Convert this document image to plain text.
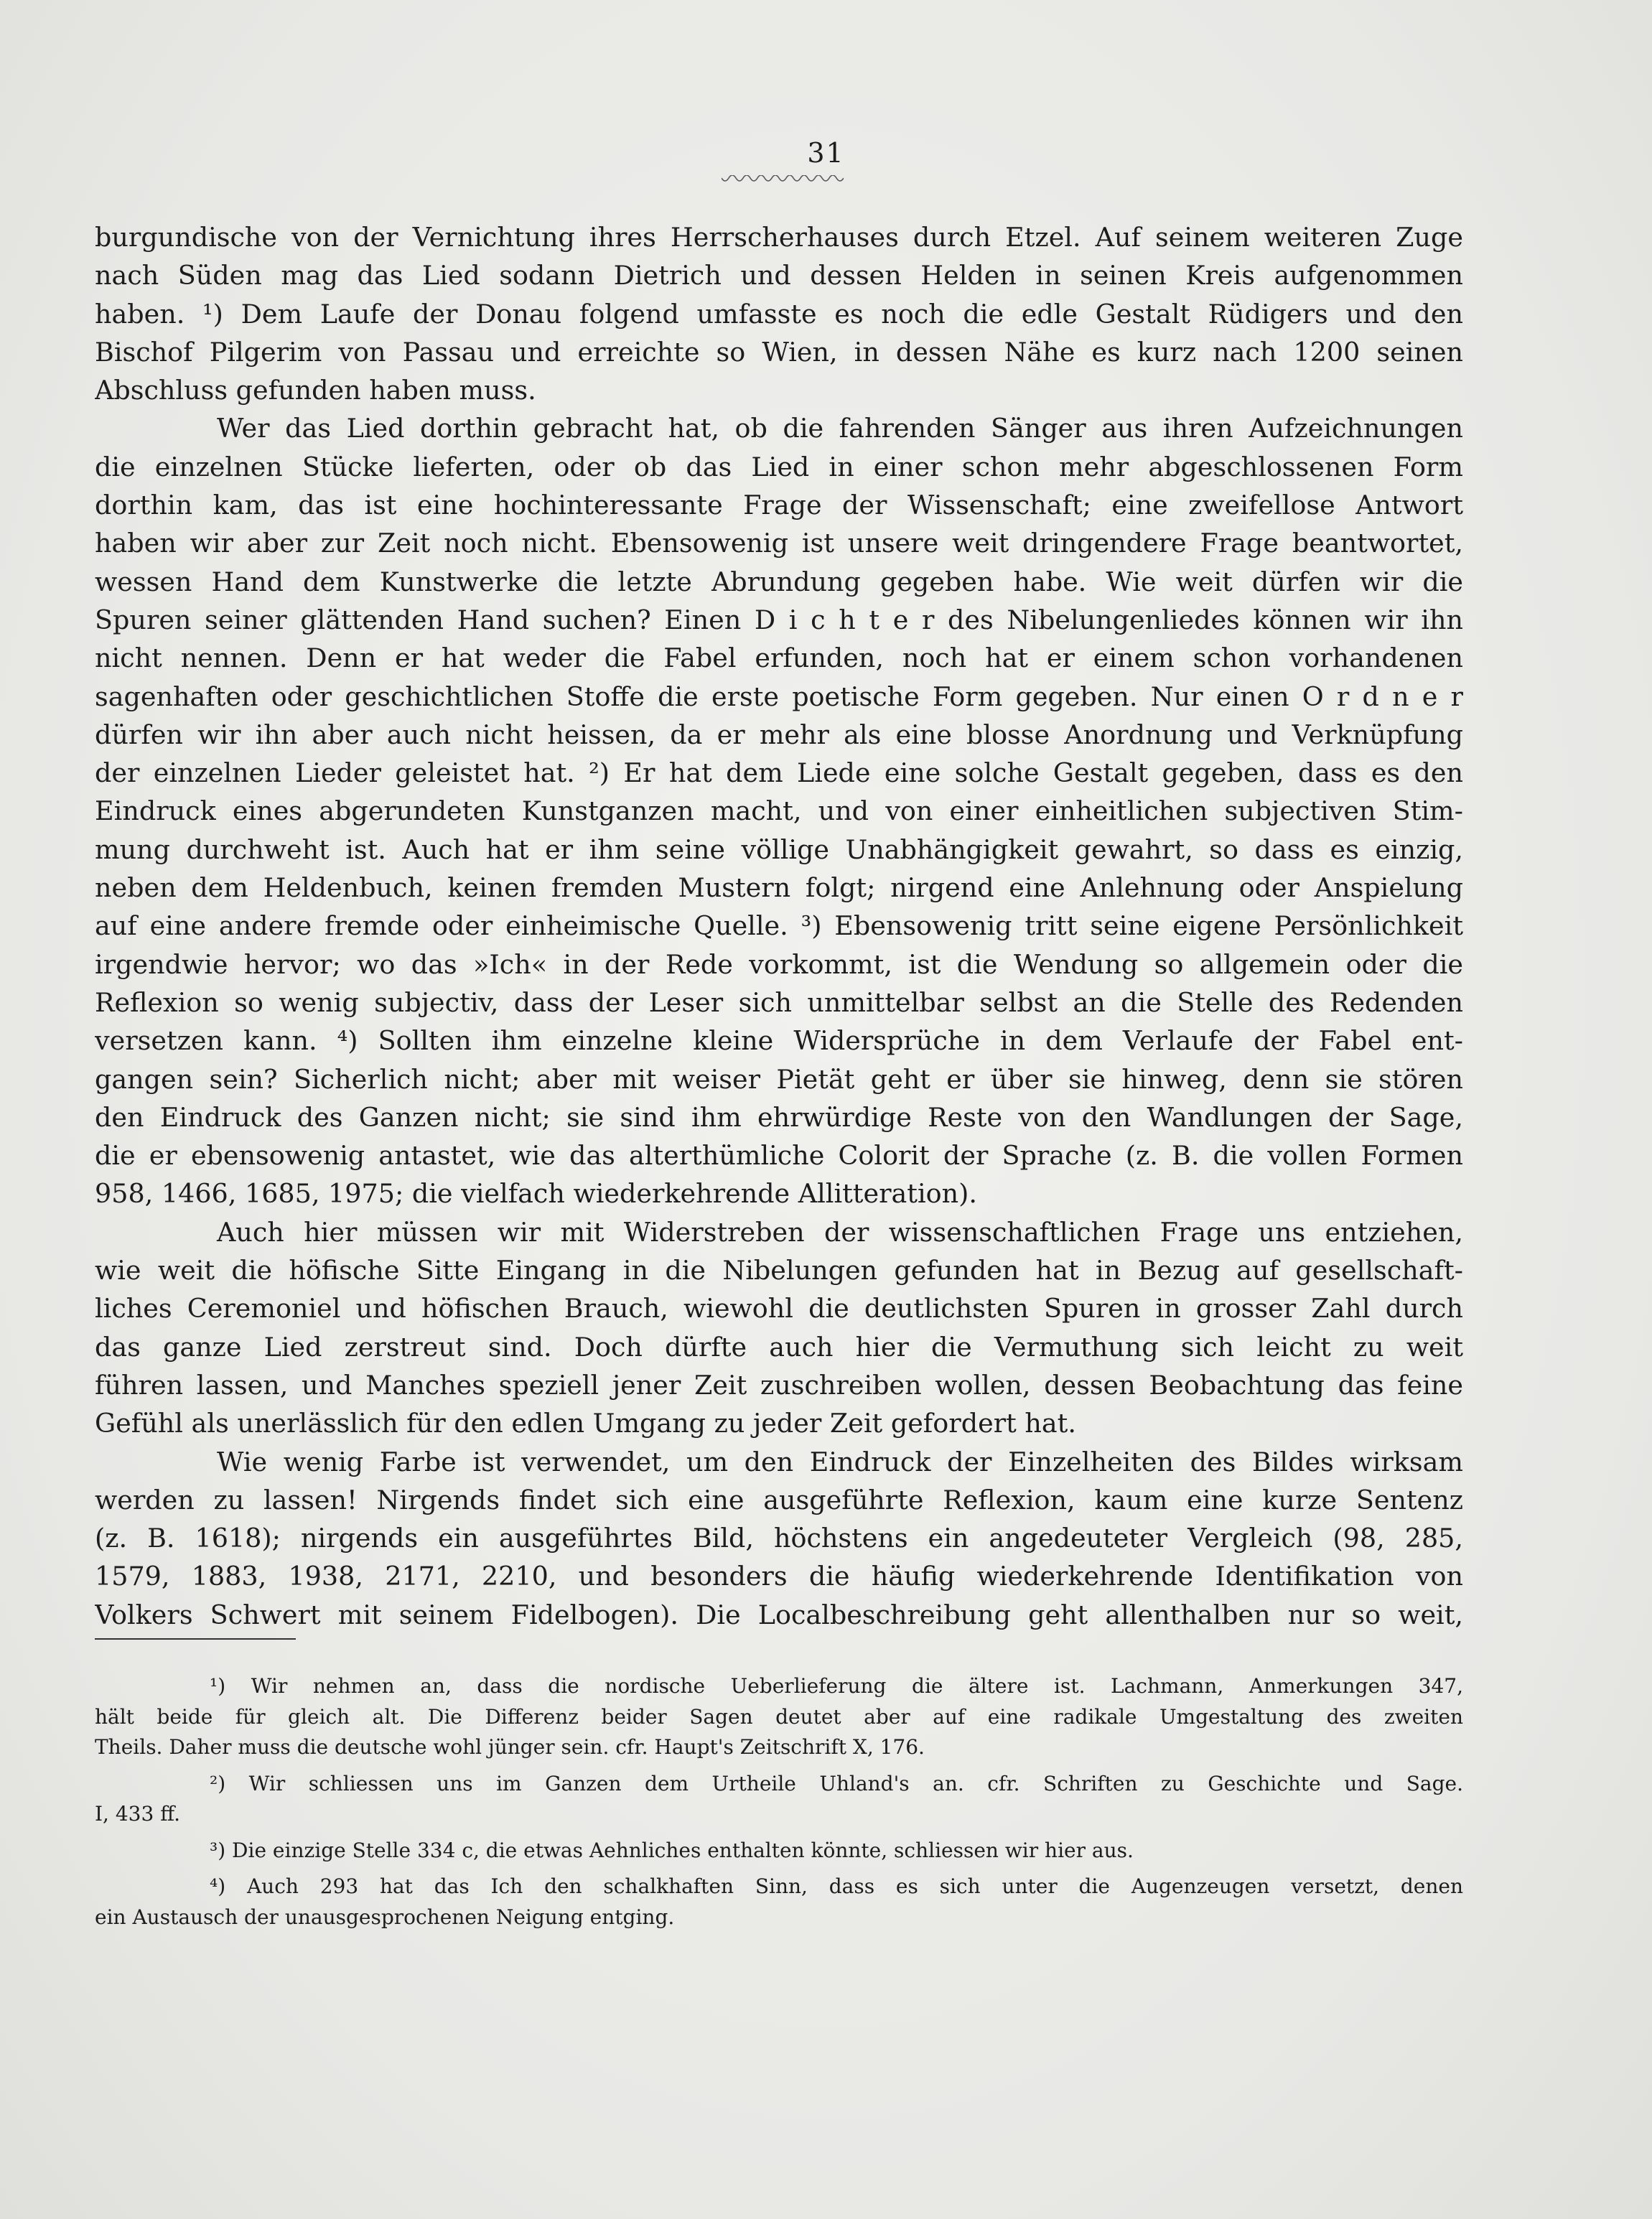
31
burgundische von der Vernichtung ihres Herrscherhauses durch Etzel. Auf seinem weiteren Zuge
nach Süden mag das Lied sodann Dietrich und dessen Helden in seinen Kreis aufgenommen
haben. ¹) Dem Laufe der Donau folgend umfasste es noch die edle Gestalt Rüdigers und den
Bischof Pilgerim von Passau und erreichte so Wien, in dessen Nähe es kurz nach 1200 seinen
Abschluss gefunden haben muss.
Wer das Lied dorthin gebracht hat, ob die fahrenden Sänger aus ihren Aufzeichnungen
die einzelnen Stücke lieferten, oder ob das Lied in einer schon mehr abgeschlossenen Form
dorthin kam, das ist eine hochinteressante Frage der Wissenschaft; eine zweifellose Antwort
haben wir aber zur Zeit noch nicht. Ebensowenig ist unsere weit dringendere Frage beantwortet,
wessen Hand dem Kunstwerke die letzte Abrundung gegeben habe. Wie weit dürfen wir die
Spuren seiner glättenden Hand suchen? Einen D i c h t e r des Nibelungenliedes können wir ihn
nicht nennen. Denn er hat weder die Fabel erfunden, noch hat er einem schon vorhandenen
sagenhaften oder geschichtlichen Stoffe die erste poetische Form gegeben. Nur einen O r d n e r
dürfen wir ihn aber auch nicht heissen, da er mehr als eine blosse Anordnung und Verknüpfung
der einzelnen Lieder geleistet hat. ²) Er hat dem Liede eine solche Gestalt gegeben, dass es den
Eindruck eines abgerundeten Kunstganzen macht, und von einer einheitlichen subjectiven Stim-
mung durchweht ist. Auch hat er ihm seine völlige Unabhängigkeit gewahrt, so dass es einzig,
neben dem Heldenbuch, keinen fremden Mustern folgt; nirgend eine Anlehnung oder Anspielung
auf eine andere fremde oder einheimische Quelle. ³) Ebensowenig tritt seine eigene Persönlichkeit
irgendwie hervor; wo das »Ich« in der Rede vorkommt, ist die Wendung so allgemein oder die
Reflexion so wenig subjectiv, dass der Leser sich unmittelbar selbst an die Stelle des Redenden
versetzen kann. ⁴) Sollten ihm einzelne kleine Widersprüche in dem Verlaufe der Fabel ent-
gangen sein? Sicherlich nicht; aber mit weiser Pietät geht er über sie hinweg, denn sie stören
den Eindruck des Ganzen nicht; sie sind ihm ehrwürdige Reste von den Wandlungen der Sage,
die er ebensowenig antastet, wie das alterthümliche Colorit der Sprache (z. B. die vollen Formen
958, 1466, 1685, 1975; die vielfach wiederkehrende Allitteration).
Auch hier müssen wir mit Widerstreben der wissenschaftlichen Frage uns entziehen,
wie weit die höfische Sitte Eingang in die Nibelungen gefunden hat in Bezug auf gesellschaft-
liches Ceremoniel und höfischen Brauch, wiewohl die deutlichsten Spuren in grosser Zahl durch
das ganze Lied zerstreut sind. Doch dürfte auch hier die Vermuthung sich leicht zu weit
führen lassen, und Manches speziell jener Zeit zuschreiben wollen, dessen Beobachtung das feine
Gefühl als unerlässlich für den edlen Umgang zu jeder Zeit gefordert hat.
Wie wenig Farbe ist verwendet, um den Eindruck der Einzelheiten des Bildes wirksam
werden zu lassen! Nirgends findet sich eine ausgeführte Reflexion, kaum eine kurze Sentenz
(z. B. 1618); nirgends ein ausgeführtes Bild, höchstens ein angedeuteter Vergleich (98, 285,
1579, 1883, 1938, 2171, 2210, und besonders die häufig wiederkehrende Identifikation von
Volkers Schwert mit seinem Fidelbogen). Die Localbeschreibung geht allenthalben nur so weit,
¹) Wir nehmen an, dass die nordische Ueberlieferung die ältere ist. Lachmann, Anmerkungen 347,
hält beide für gleich alt. Die Differenz beider Sagen deutet aber auf eine radikale Umgestaltung des zweiten
Theils. Daher muss die deutsche wohl jünger sein. cfr. Haupt's Zeitschrift X, 176.
²) Wir schliessen uns im Ganzen dem Urtheile Uhland's an. cfr. Schriften zu Geschichte und Sage.
I, 433 ff.
³) Die einzige Stelle 334 c, die etwas Aehnliches enthalten könnte, schliessen wir hier aus.
⁴) Auch 293 hat das Ich den schalkhaften Sinn, dass es sich unter die Augenzeugen versetzt, denen
ein Austausch der unausgesprochenen Neigung entging.
